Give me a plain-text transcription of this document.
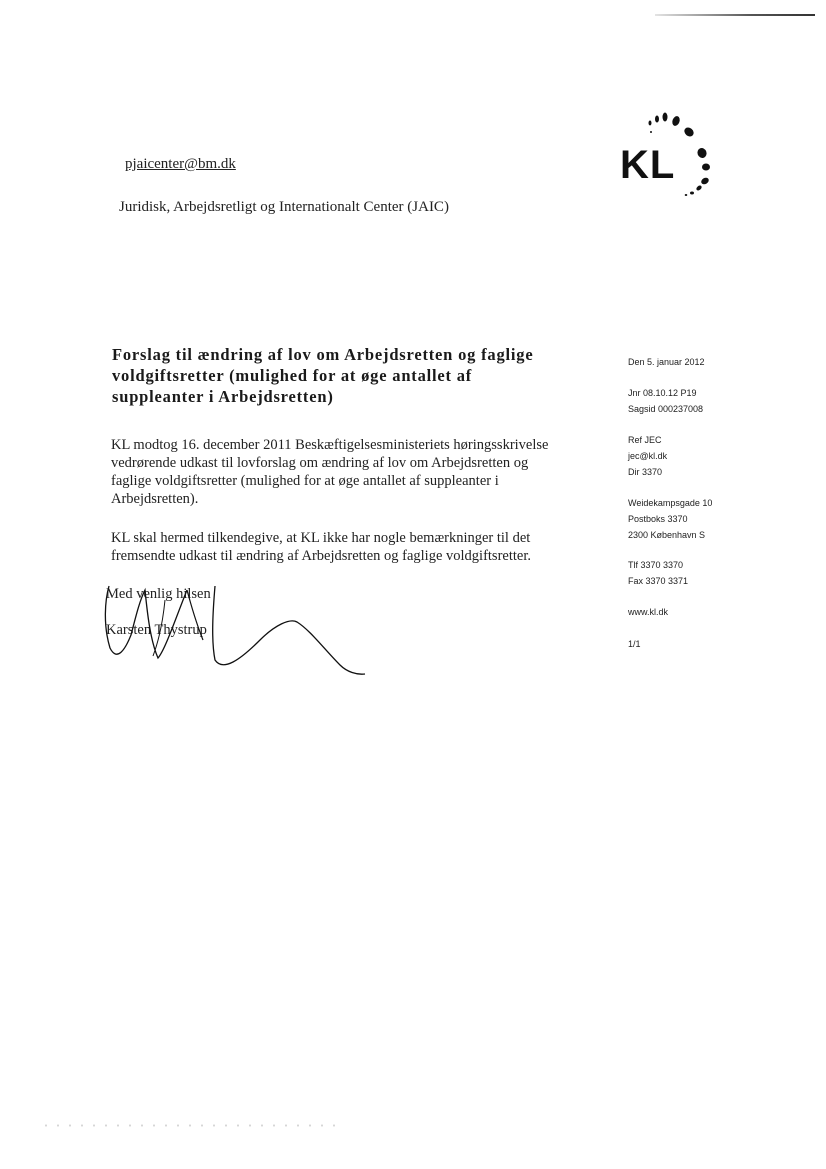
KL
pjaicenter@bm.dk
Juridisk, Arbejdsretligt og Internationalt Center (JAIC)
Forslag til ændring af lov om Arbejdsretten og faglige
voldgiftsretter (mulighed for at øge antallet af
suppleanter i Arbejdsretten)
KL modtog 16. december 2011 Beskæftigelsesministeriets høringsskrivelse
vedrørende udkast til lovforslag om ændring af lov om Arbejdsretten og
faglige voldgiftsretter (mulighed for at øge antallet af suppleanter i
Arbejdsretten).
KL skal hermed tilkendegive, at KL ikke har nogle bemærkninger til det
fremsendte udkast til ændring af Arbejdsretten og faglige voldgiftsretter.
Med venlig hilsen
Karsten Thystrup
Den 5. januar 2012
Jnr 08.10.12 P19
Sagsid 000237008
Ref JEC
jec@kl.dk
Dir 3370
Weidekampsgade 10
Postboks 3370
2300 København S
Tlf 3370 3370
Fax 3370 3371
www.kl.dk
1/1
